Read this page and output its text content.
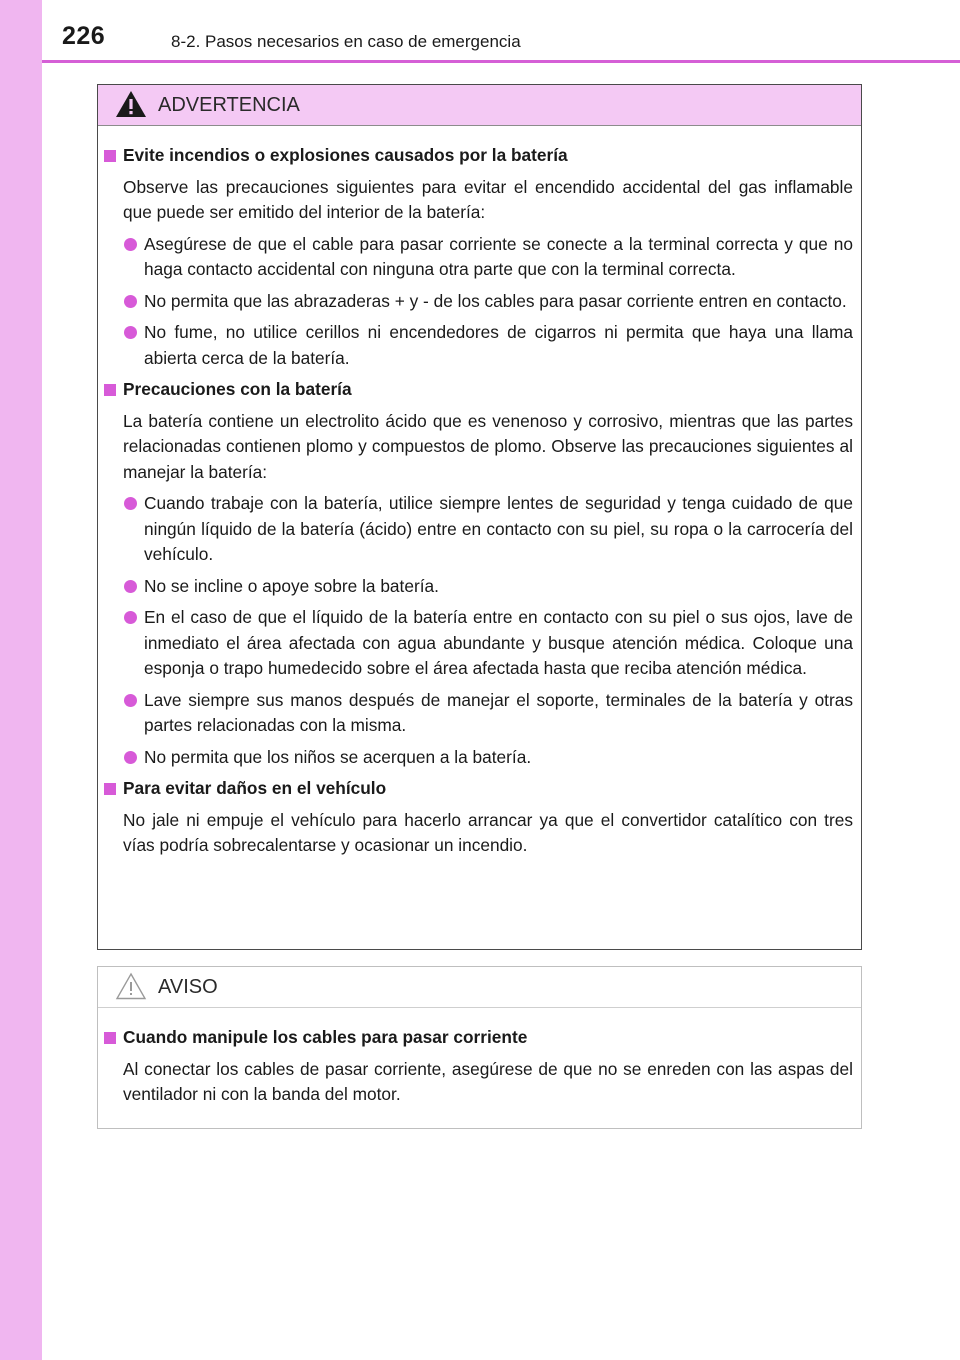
226	8-2. Pasos necesarios en caso de emergencia
ADVERTENCIA
Evite incendios o explosiones causados por la batería
Observe las precauciones siguientes para evitar el encendido accidental del gas inflamable que puede ser emitido del interior de la batería:
Asegúrese de que el cable para pasar corriente se conecte a la terminal correcta y que no haga contacto accidental con ninguna otra parte que con la terminal correcta.
No permita que las abrazaderas + y - de los cables para pasar corriente entren en contacto.
No fume, no utilice cerillos ni encendedores de cigarros ni permita que haya una llama abierta cerca de la batería.
Precauciones con la batería
La batería contiene un electrolito ácido que es venenoso y corrosivo, mientras que las partes relacionadas contienen plomo y compuestos de plomo. Observe las precauciones siguientes al manejar la batería:
Cuando trabaje con la batería, utilice siempre lentes de seguridad y tenga cuidado de que ningún líquido de la batería (ácido) entre en contacto con su piel, su ropa o la carrocería del vehículo.
No se incline o apoye sobre la batería.
En el caso de que el líquido de la batería entre en contacto con su piel o sus ojos, lave de inmediato el área afectada con agua abundante y busque atención médica. Coloque una esponja o trapo humedecido sobre el área afectada hasta que reciba atención médica.
Lave siempre sus manos después de manejar el soporte, terminales de la batería y otras partes relacionadas con la misma.
No permita que los niños se acerquen a la batería.
Para evitar daños en el vehículo
No jale ni empuje el vehículo para hacerlo arrancar ya que el convertidor catalítico con tres vías podría sobrecalentarse y ocasionar un incendio.
AVISO
Cuando manipule los cables para pasar corriente
Al conectar los cables de pasar corriente, asegúrese de que no se enreden con las aspas del ventilador ni con la banda del motor.
